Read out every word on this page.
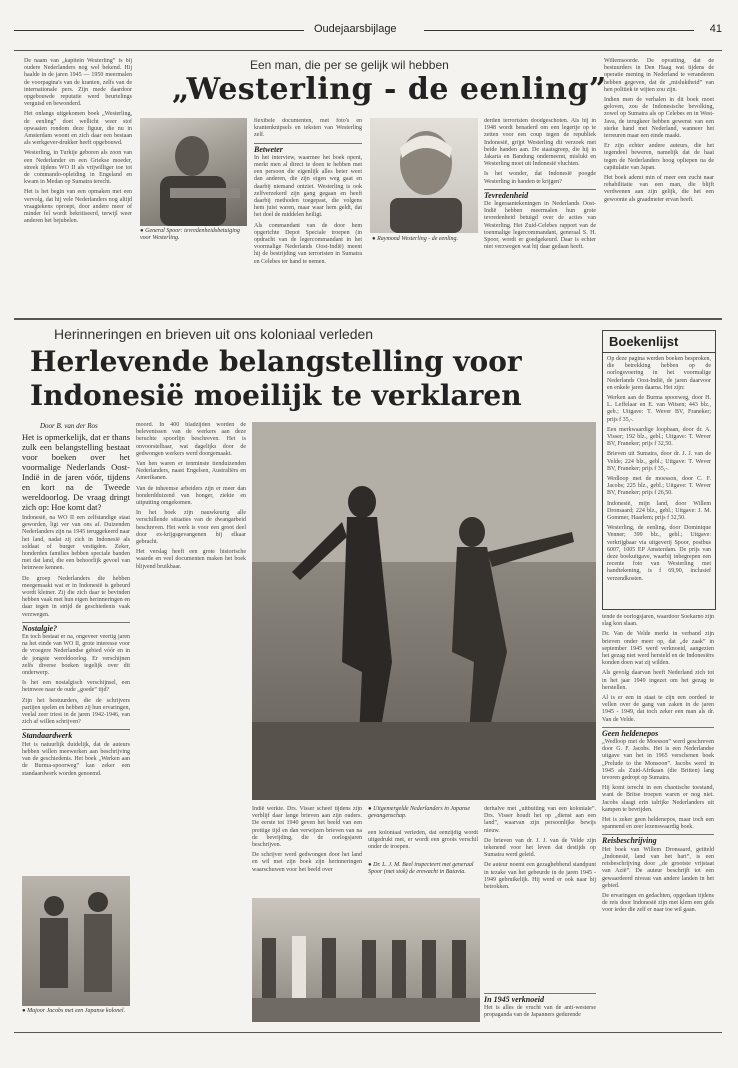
Oudejaarsbijlage	41

De naam van „kapitein Westerling” is bij oudere Nederlanders nog wel bekend. Hij haalde in de jaren 1945 — 1950 meermalen de voorpagina's van de kranten, zelfs van de internationale pers. Zijn mede daardoor opgebouwde reputatie werd beurtelings verguisd en bewonderd.

Het onlangs uitgekomen boek „Westerling, de eenling” doet wellicht weer stof opwaaien rondom deze figuur, die nu in Amsterdam woont en zich daar een bestaan als werkgever-drukker heeft opgebouwd.

Westerling, in Turkije geboren als zoon van een Nederlander en een Griekse moeder, streek tijdens WO II als vrijwilliger toe tot de commando-opleiding in Engeland en kwam in Medan op Sumatra terecht.

Het is het begin van een opmaken met een vervolg, dat hij vele Nederlanders nog altijd vraagtekens oproept, door andere meer of minder fel wordt bekritiseerd, terwijl weer anderen het bejubelen.

Een man, die per se gelijk wil hebben
„Westerling - de eenling”
● General Spoor: tevredenheidsbetuiging voor Westerling.

flexibele documenten, met foto's en krantenknipsels en teksten van Westerling zelf.

Betweter

In het interview, waarmee het boek opent, merkt men al direct te doen te hebben met een persoon die eigenlijk alles beter weet dan anderen, die zijn eigen weg gaat en daarbij niemand ontziet. Westerling is ook zelfverzekerd zijn gang gegaan en heeft daarbij methoden toegepast, die volgens hem juist waren, maar waar hem geldt, dat het doel de middelen heiligt.

Als commandant van de door hem opgerichte Depot Speciale troepen (in opdracht van de legercommandant in het voormalige Nederlands Oost-Indië) meent hij de bestrijding van terroristen in Sumatra en Celebes ter hand te nemen.

● Raymond Westerling - de eenling.

derden terroristen doodgeschoten. Als hij in 1948 wordt benaderd om een legertje op te zetten voor een coup tegen de republiek Indonesië, grijpt Westerling dit verzoek met beide handen aan. De staatsgreep, die hij in Jakarta en Bandung onderneemt, mislukt en Westerling moet uit Indonesië vluchten.

Is het wonder, dat Indonesië poogde Westerling in handen te krijgen?

Tevredenheid

De legeraantekeningen in Nederlands Oost-Indië hebben meermalen hun grote tevredenheid betuigd over de acties van Westerling. Het Zuid-Celebes rapport van de toenmalige legercommandant, generaal S. H. Spoor, wordt er goedgekeurd. Daar is echter niet verzwegen wat hij daar gedaan heeft.

Willemsoorde. De opvatting, dat de bestuurders in Den Haag wat tijdens de operatie mening in Nederland te veranderen hebben gegeven, dat de „misluktheid” van hen politiek te wijten zou zijn.

Indien men de verhalen in dit boek moet geloven, zou de Indonesische bevolking, zowel op Sumatra als op Celebes en in West-Java, de terugkeer hebben gewenst van een sterke hand met Nederland, wanneer het terreuren maar een einde maakt.

Er zijn echter andere auteurs, die het tegendeel beweren, namelijk dat de haat tegen de Nederlanders hoog opliepen na de capitulatie van Japan.

Het boek ademt min of meer een zucht naar rehabilitatie van een man, die blijft verdwenen aan zijn gelijk, die het een gewoonte als graadmeter ervan heeft.

Herinneringen en brieven uit ons koloniaal verleden
Herlevende belangstelling voor
Indonesië moeilijk te verklaren
Boekenlijst

Op deze pagina werden boeken besproken, die betrekking hebben op de oorlogsvoering in het voormalige Nederlands Oost-Indië, de jaren daarvoor en enkele jaren daarna. Het zijn:

Werken aan de Burma spoorweg, door H. L. Leffelaar en E. van Witsen; 443 blz., geb.; Uitgave: T. Wever BV, Franeker; prijs f 35,-.

Een merkwaardige loopbaan, door dr. A. Visser; 192 blz., gebl.; Uitgave: T. Wever BV, Franeker; prijs f 32,50.

Brieven uit Sumatra, door dr. J. J. van de Velde; 224 blz., gebl.; Uitgave: T. Wever BV, Franeker; prijs f 35,-.

Wedloop met de moesson, door C. F. Jacobs; 225 blz., gebl.; Uitgave: T. Wever BV, Franeker; prijs f 26,50.

Indonesië, mijn land, door Willem Dronsaard; 224 blz., gebl.; Uitgave: J. M. Gommer, Haarlem; prijs f 32,50.

Westerling, de eenling, door Dominique Venner; 399 blz., gebl.; Uitgave: verkrijgbaar via uitgeverij Spoor, postbus 6007, 1005 EP Amsterdam. De prijs van deze boekuitgave, waarbij inbegrepen een recente foto van Westerling met handtekening, is f 69,90, inclusief verzendkosten.

Door B. van der Ros

Het is opmerkelijk, dat er thans zulk een belangstelling bestaat voor boeken over het voormalige Nederlands Oost-Indië in de jaren vóór, tijdens en kort na de Tweede wereldoorlog. De vraag dringt zich op: Hoe komt dat?

Indonesië, na WO II een zelfstandige staat geworden, ligt ver van ons af. Duizenden Nederlanders zijn na 1945 teruggekeerd naar het land, nadat zij zich in Indonesië als soldaat of burger vestigden. Zeker, honderden families hebben speciale banden met dat land, die een behoorlijk gevoel van heimwee kennen.

De groep Nederlanders die hebben meegemaakt wat er in Indonesië is gebeurd wordt kleiner. Zij die zich daar te bevinden hebben vaak met hun eigen herinneringen en daar tegen in strijd de geschiedenis vaak verzwegen.

Nostalgie?

En toch bestaat er na, ongeveer veertig jaren na het einde van WO II, grote interesse voor de vroegere Nederlandse gebied vóór en in de jongste wereldoorlog. Er verschijnen zelfs diverse boeken tegelijk over dit onderwerp.

Is het een nostalgisch verschijnsel, een heimwee naar de oude „goede” tijd?

Zijn het bestuurders, die de schrijvers partijen spelen en hebben zij hun ervaringen, veelal zeer triest in de jaren 1942-1946, van zich af willen schrijven?

Standaardwerk

Het is natuurlijk duidelijk, dat de auteurs hebben willen meewerken aan beschrijving van de geschiedenis. Het boek „Werken aan de Burma-spoorweg” kan zeker een standaardwerk worden genoemd.

● Majoor Jacobs met een Japanse kolonel.

moord. In 400 bladzijden worden de belevenissen van de werkers aan deze beruchte spoorlijn beschreven. Het is onvoorstelbaar, wat dagelijks door de gedwongen werkers werd doorgemaakt.

Van hen waren er tenminste tienduizenden Nederlanders, naast Engelsen, Australiërs en Amerikanen.

Van de inheemse arbeiders zijn er meer dan honderdduizend van honger, ziekte en uitputting omgekomen.

In het boek zijn nauwkeurig alle verschillende situaties van de dwangarbeid beschreven. Het werk is voor een groot deel door ex-krijgsgevangenen bij elkaar gebracht.

Het verslag heeft een grote historische waarde en veel documenten maken het boek blijvend bruikbaar.

Indië werkte. Drs. Visser scheef tijdens zijn verblijf daar lange brieven aan zijn ouders. De eerste tot 1940 geven het beeld van een prettige tijd en dan verwijzen brieven van na de bevrijding, die de oorlogsjaren beschrijven.

De schrijver werd gedwongen door het land en wil met zijn boek zijn herinneringen waarschuwen voor het beeld over

● Uitgemergelde Nederlanders in Japanse gevangenschap.

een koloniaal verleden, dat eenzijdig wordt uitgedrukt met, er wordt een groots verschil onder de troepen.

● Dr. L. J. M. Beel inspecteert met generaal Spoor (met stok) de erewacht in Batavia.

derhalve met „uitbuiting van een koloniale”. Drs. Visser houdt het op „dienst aan een land”, waarvan zijn persoonlijke bewijs nieuw.

De brieven van dr. J. J. van de Velde zijn tekenend voor het leven dat destijds op Sumatra werd geleid.

De auteur noemt een gezaghebbend standpunt in tezake van het gebeurde in de jaren 1945 - 1949 gebruikelijk. Hij werd er ook naar bij betrokken.

In 1945 verknoeid

Het is alles de vrucht van de anti-westerse propaganda van de Japanners gedurende

tende de oorlogsjaren, waardoor Soekarno zijn slag kon slaan.

Dr. Van de Velde merkt in verband zijn brieven onder meer op, dat „de zaak” in september 1945 werd verknoeid, aangezien het gezag niet werd hersteld en de Indonesiërs konden doen wat zij wilden.

Als gevolg daarvan heeft Nederland zich tot in het jaar 1949 ingezet om het gezag te herstellen.

Al is er een in staat te zijn een oordeel te vellen over de gang van zaken in de jaren 1945 - 1949, dat toch zeker een man als dr. Van de Velde.

Geen heldenepos

„Wedloop met de Moesson” werd geschreven door G. F. Jacobs. Het is een Nederlandse uitgave van het in 1965 verschenen boek „Prelude to the Monsoon”. Jacobs werd in 1945 als Zuid-Afrikaan (die Britten) lang tevoren gedropt op Sumatra.

Hij komt terecht in een chaotische toestand, want de Britse troepen waren er nog niet. Jacobs slaagt erin talrijke Nederlanders uit kampen te bevrijden.

Het is zeker geen heldenepos, maar toch een spannend en zeer lezenswaardig boek.

Reisbeschrijving

Het boek van Willem Dronsaard, getiteld „Indonesië, land van het hart”, is een reisbeschrijving door „de grootste vrijstaat van Azië”. De auteur beschrijft tot een gewaardeerd niveau van andere landen in het gebied.

De ervaringen en gedachten, opgedaan tijdens de reis door Indonesië zijn met klem een gids voor ieder die zelf er naar toe wil gaan.
